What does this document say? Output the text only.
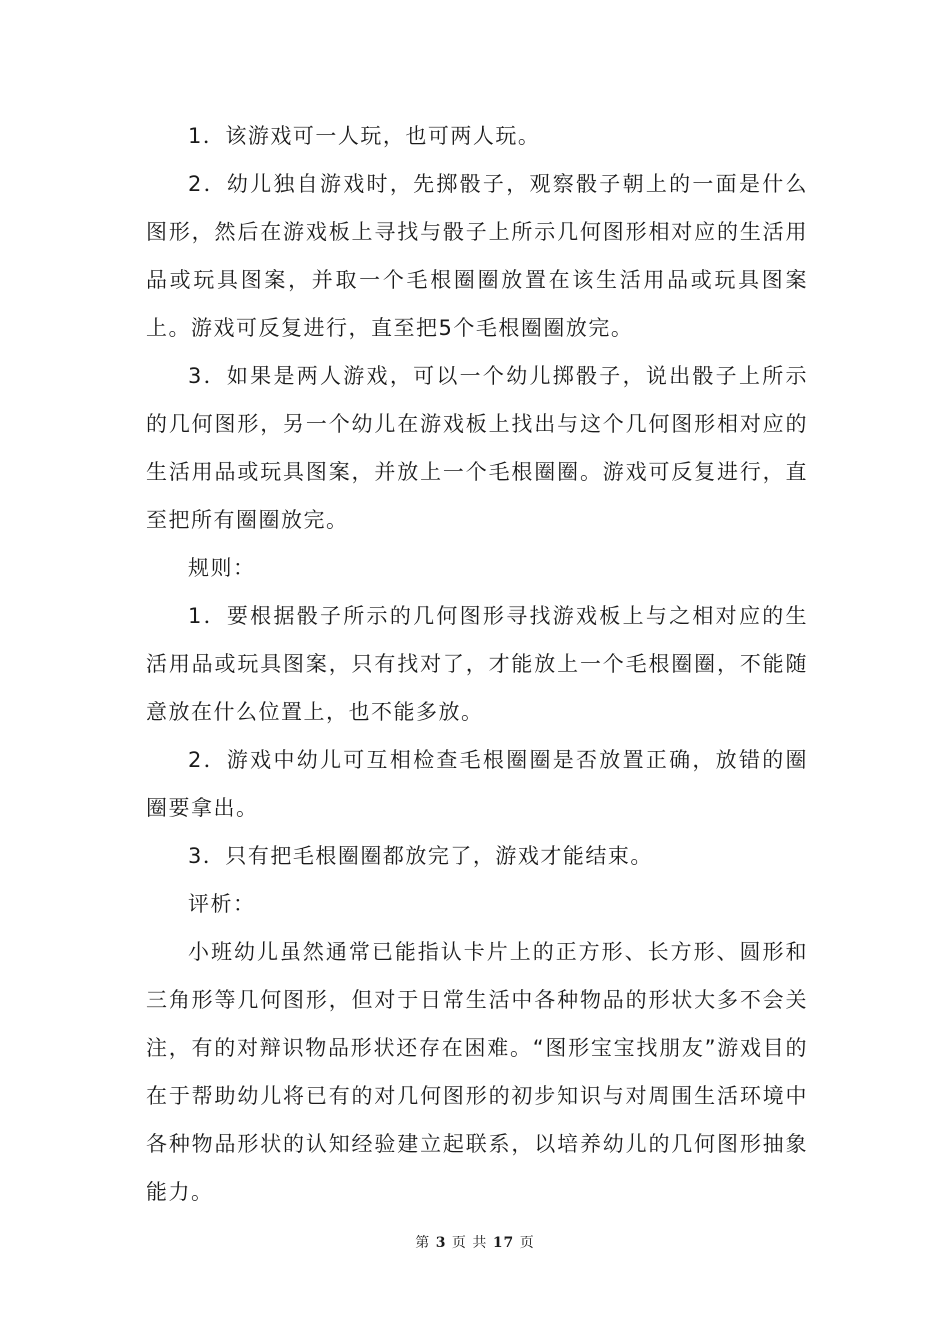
1．该游戏可一人玩，也可两人玩。

2．幼儿独自游戏时，先掷骰子，观察骰子朝上的一面是什么图形，然后在游戏板上寻找与骰子上所示几何图形相对应的生活用品或玩具图案，并取一个毛根圈圈放置在该生活用品或玩具图案上。游戏可反复进行，直至把5个毛根圈圈放完。

3．如果是两人游戏，可以一个幼儿掷骰子，说出骰子上所示的几何图形，另一个幼儿在游戏板上找出与这个几何图形相对应的生活用品或玩具图案，并放上一个毛根圈圈。游戏可反复进行，直至把所有圈圈放完。

规则：

1．要根据骰子所示的几何图形寻找游戏板上与之相对应的生活用品或玩具图案，只有找对了，才能放上一个毛根圈圈，不能随意放在什么位置上，也不能多放。

2．游戏中幼儿可互相检查毛根圈圈是否放置正确，放错的圈圈要拿出。

3．只有把毛根圈圈都放完了，游戏才能结束。

评析：

小班幼儿虽然通常已能指认卡片上的正方形、长方形、圆形和三角形等几何图形，但对于日常生活中各种物品的形状大多不会关注，有的对辩识物品形状还存在困难。“图形宝宝找朋友”游戏目的在于帮助幼儿将已有的对几何图形的初步知识与对周围生活环境中各种物品形状的认知经验建立起联系，以培养幼儿的几何图形抽象能力。

第 3 页 共 17 页
